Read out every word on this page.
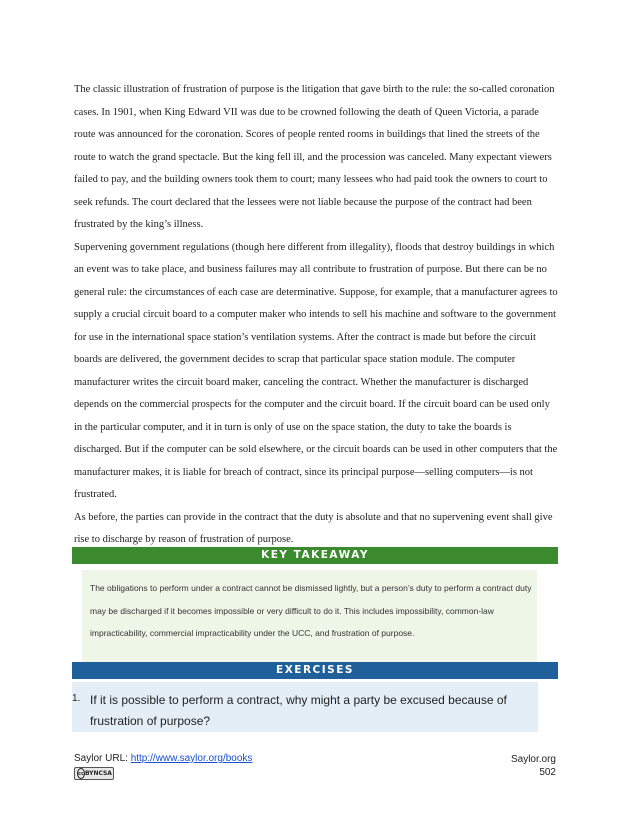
The classic illustration of frustration of purpose is the litigation that gave birth to the rule: the so-called coronation cases. In 1901, when King Edward VII was due to be crowned following the death of Queen Victoria, a parade route was announced for the coronation. Scores of people rented rooms in buildings that lined the streets of the route to watch the grand spectacle. But the king fell ill, and the procession was canceled. Many expectant viewers failed to pay, and the building owners took them to court; many lessees who had paid took the owners to court to seek refunds. The court declared that the lessees were not liable because the purpose of the contract had been frustrated by the king’s illness.

Supervening government regulations (though here different from illegality), floods that destroy buildings in which an event was to take place, and business failures may all contribute to frustration of purpose. But there can be no general rule: the circumstances of each case are determinative. Suppose, for example, that a manufacturer agrees to supply a crucial circuit board to a computer maker who intends to sell his machine and software to the government for use in the international space station’s ventilation systems. After the contract is made but before the circuit boards are delivered, the government decides to scrap that particular space station module. The computer manufacturer writes the circuit board maker, canceling the contract. Whether the manufacturer is discharged depends on the commercial prospects for the computer and the circuit board. If the circuit board can be used only in the particular computer, and it in turn is only of use on the space station, the duty to take the boards is discharged. But if the computer can be sold elsewhere, or the circuit boards can be used in other computers that the manufacturer makes, it is liable for breach of contract, since its principal purpose—selling computers—is not frustrated.

As before, the parties can provide in the contract that the duty is absolute and that no supervening event shall give rise to discharge by reason of frustration of purpose.

KEY TAKEAWAY
The obligations to perform under a contract cannot be dismissed lightly, but a person’s duty to perform a contract duty may be discharged if it becomes impossible or very difficult to do it. This includes impossibility, common-law impracticability, commercial impracticability under the UCC, and frustration of purpose.
EXERCISES
1. If it is possible to perform a contract, why might a party be excused because of frustration of purpose?
Saylor URL: http://www.saylor.org/books
cc BY NC SA
Saylor.org
502
